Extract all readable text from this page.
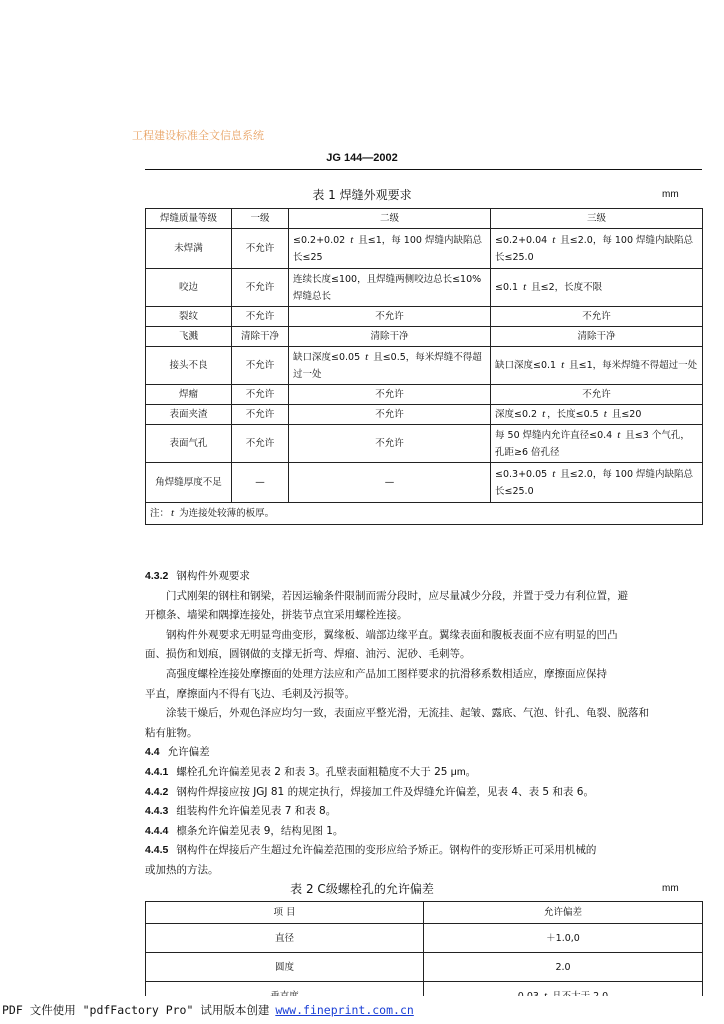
工程建设标准全文信息系统
JG 144—2002
表 1 焊缝外观要求	mm
焊缝质量等级	一级	二级	三级
未焊满	不允许	≤0.2+0.02 t 且≤1，每 100 焊缝内缺陷总长≤25	≤0.2+0.04 t 且≤2.0，每 100 焊缝内缺陷总长≤25.0
咬边	不允许	连续长度≤100，且焊缝两侧咬边总长≤10%焊缝总长	≤0.1 t 且≤2，长度不限
裂纹	不允许	不允许	不允许
飞溅	清除干净	清除干净	清除干净
接头不良	不允许	缺口深度≤0.05 t 且≤0.5，每米焊缝不得超过一处	缺口深度≤0.1 t 且≤1，每米焊缝不得超过一处
焊瘤	不允许	不允许	不允许
表面夹渣	不允许	不允许	深度≤0.2 t ，长度≤0.5 t 且≤20
表面气孔	不允许	不允许	每 50 焊缝内允许直径≤0.4 t 且≤3 个气孔，孔距≥6 倍孔径
角焊缝厚度不足	—	—	≤0.3+0.05 t 且≤2.0，每 100 焊缝内缺陷总长≤25.0
注： t 为连接处较薄的板厚。			

4.3.2 钢构件外观要求

门式刚架的钢柱和钢梁，若因运输条件限制而需分段时，应尽量减少分段，并置于受力有利位置，避

开檩条、墙梁和隅撑连接处，拼装节点宜采用螺栓连接。

钢构件外观要求无明显弯曲变形，翼缘板、端部边缘平直。翼缘表面和腹板表面不应有明显的凹凸

面、损伤和划痕，圆钢做的支撑无折弯、焊瘤、油污、泥砂、毛刺等。

高强度螺栓连接处摩擦面的处理方法应和产品加工图样要求的抗滑移系数相适应，摩擦面应保持

平直，摩擦面内不得有飞边、毛刺及污损等。

涂装干燥后，外观色泽应均匀一致，表面应平整光滑，无流挂、起皱、露底、气泡、针孔、龟裂、脱落和

粘有脏物。

4.4 允许偏差

4.4.1 螺栓孔允许偏差见表 2 和表 3。孔壁表面粗糙度不大于 25 μm。

4.4.2 钢构件焊接应按 JGJ 81 的规定执行，焊接加工件及焊缝允许偏差，见表 4、表 5 和表 6。

4.4.3 组装构件允许偏差见表 7 和表 8。

4.4.4 檩条允许偏差见表 9，结构见图 1。

4.4.5 钢构件在焊接后产生超过允许偏差范围的变形应给予矫正。钢构件的变形矫正可采用机械的

或加热的方法。

表 2 C级螺栓孔的允许偏差	mm
项 目	允许偏差
直径	＋1.0,0
圆度	2.0

PDF 文件使用 "pdfFactory Pro" 试用版本创建 www.fineprint.com.cn
